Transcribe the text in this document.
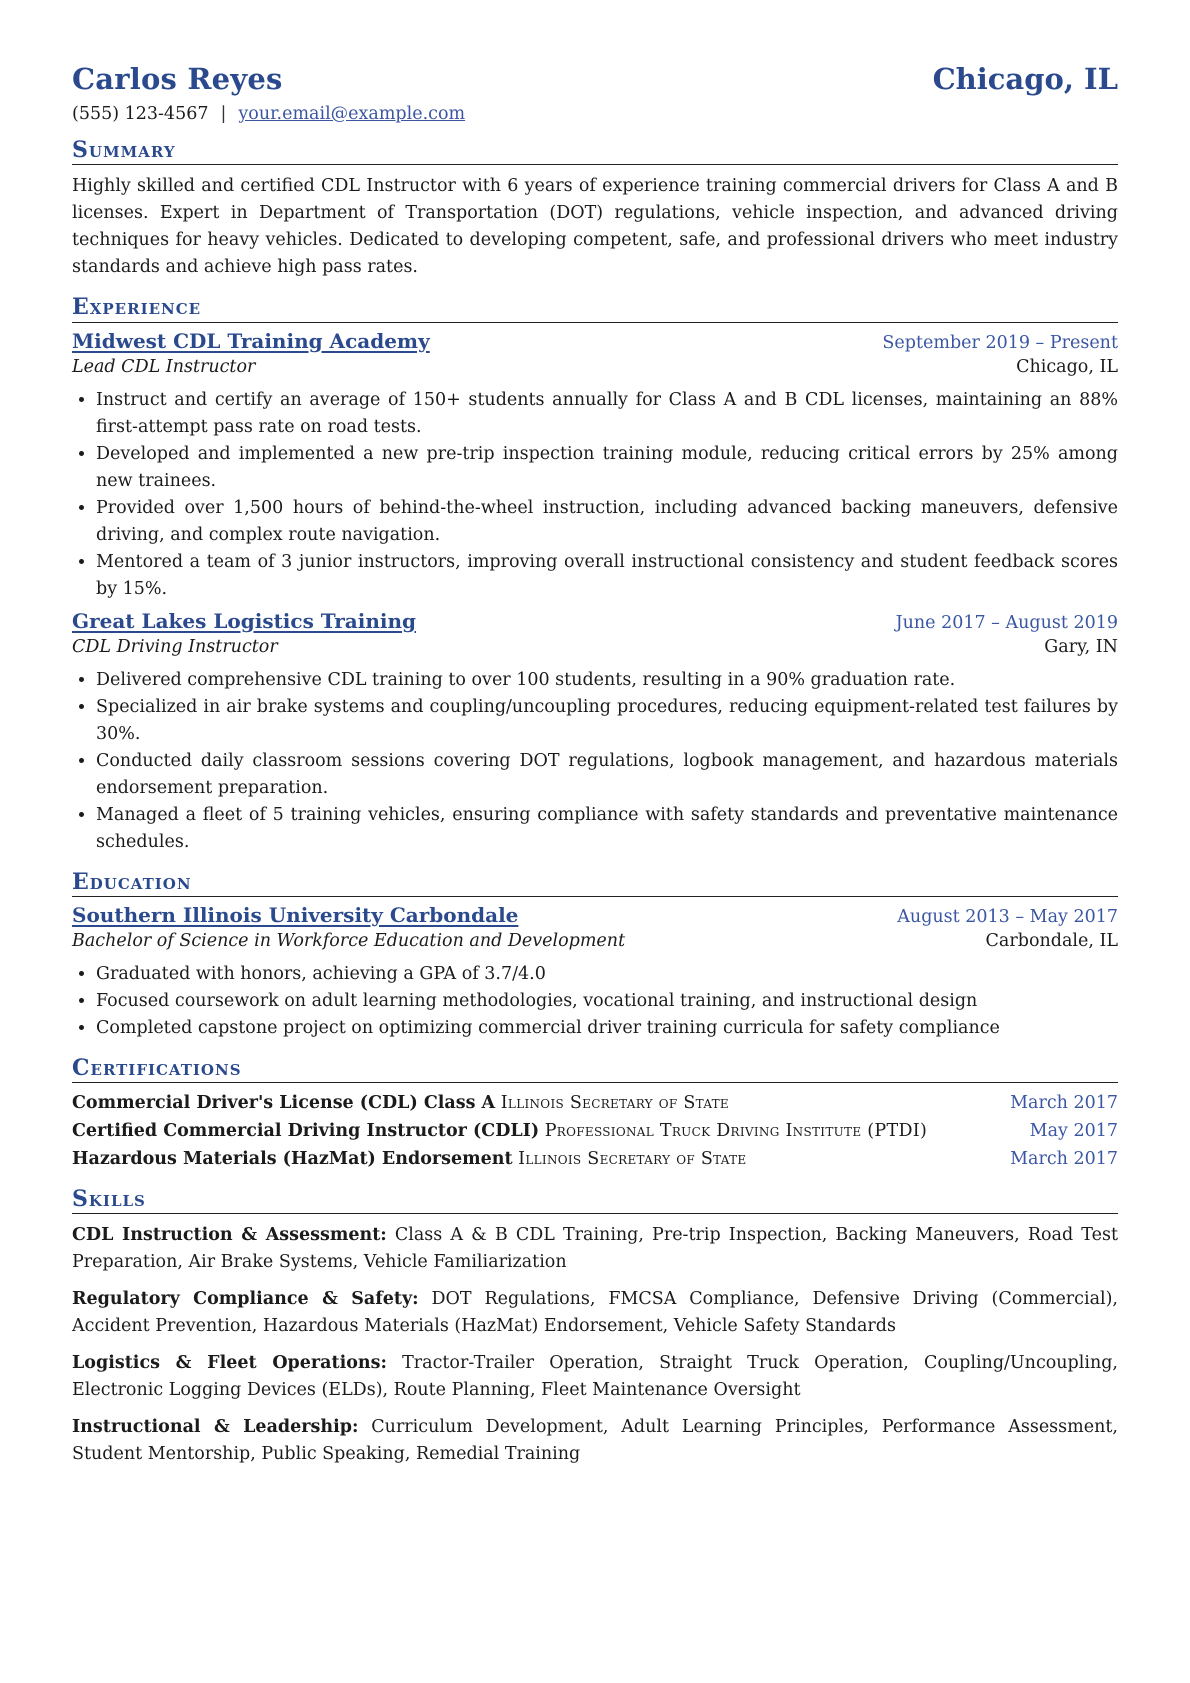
Carlos Reyes	Chicago, IL
(555) 123-4567 | your.email@example.com
Summary
Highly skilled and certified CDL Instructor with 6 years of experience training commercial drivers for Class A and B licenses. Expert in Department of Transportation (DOT) regulations, vehicle inspection, and advanced driving techniques for heavy vehicles. Dedicated to developing competent, safe, and professional drivers who meet industry standards and achieve high pass rates.
Experience
Midwest CDL Training Academy	September 2019 – Present
Lead CDL Instructor	Chicago, IL
• Instruct and certify an average of 150+ students annually for Class A and B CDL licenses, maintaining an 88% first-attempt pass rate on road tests.
• Developed and implemented a new pre-trip inspection training module, reducing critical errors by 25% among new trainees.
• Provided over 1,500 hours of behind-the-wheel instruction, including advanced backing maneuvers, defensive driving, and complex route navigation.
• Mentored a team of 3 junior instructors, improving overall instructional consistency and student feedback scores by 15%.
Great Lakes Logistics Training	June 2017 – August 2019
CDL Driving Instructor	Gary, IN
• Delivered comprehensive CDL training to over 100 students, resulting in a 90% graduation rate.
• Specialized in air brake systems and coupling/uncoupling procedures, reducing equipment-related test failures by 30%.
• Conducted daily classroom sessions covering DOT regulations, logbook management, and hazardous materials endorsement preparation.
• Managed a fleet of 5 training vehicles, ensuring compliance with safety standards and preventative maintenance schedules.
Education
Southern Illinois University Carbondale	August 2013 – May 2017
Bachelor of Science in Workforce Education and Development	Carbondale, IL
• Graduated with honors, achieving a GPA of 3.7/4.0
• Focused coursework on adult learning methodologies, vocational training, and instructional design
• Completed capstone project on optimizing commercial driver training curricula for safety compliance
Certifications
Commercial Driver's License (CDL) Class A Illinois Secretary of State	March 2017
Certified Commercial Driving Instructor (CDLI) Professional Truck Driving Institute (PTDI)	May 2017
Hazardous Materials (HazMat) Endorsement Illinois Secretary of State	March 2017
Skills
CDL Instruction & Assessment: Class A & B CDL Training, Pre-trip Inspection, Backing Maneuvers, Road Test Preparation, Air Brake Systems, Vehicle Familiarization
Regulatory Compliance & Safety: DOT Regulations, FMCSA Compliance, Defensive Driving (Commercial), Accident Prevention, Hazardous Materials (HazMat) Endorsement, Vehicle Safety Standards
Logistics & Fleet Operations: Tractor-Trailer Operation, Straight Truck Operation, Coupling/Uncoupling, Electronic Logging Devices (ELDs), Route Planning, Fleet Maintenance Oversight
Instructional & Leadership: Curriculum Development, Adult Learning Principles, Performance Assessment, Student Mentorship, Public Speaking, Remedial Training
